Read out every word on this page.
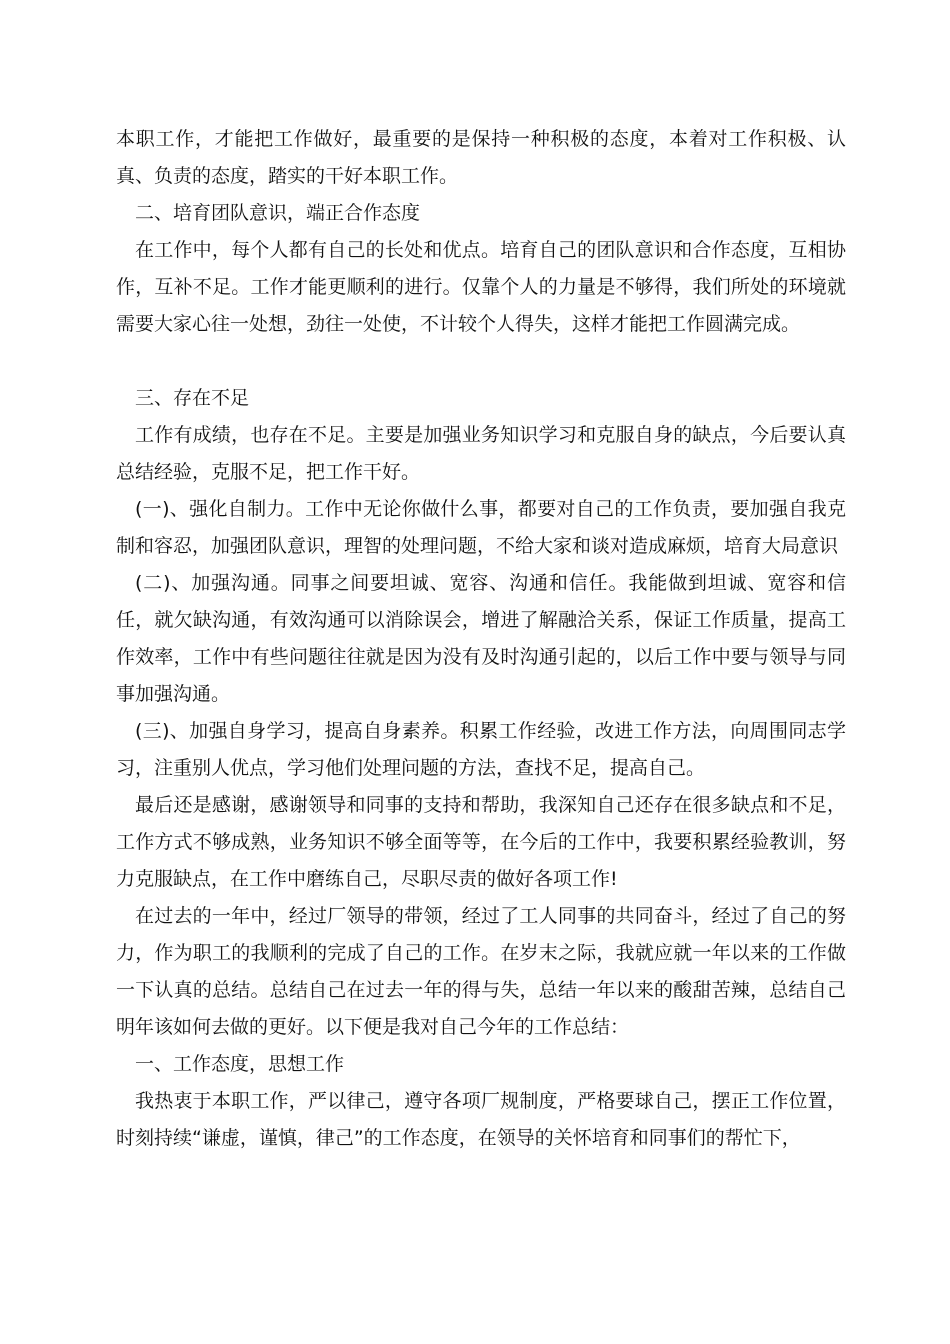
本职工作，才能把工作做好，最重要的是保持一种积极的态度，本着对工作积极、认真、负责的态度，踏实的干好本职工作。

二、培育团队意识，端正合作态度

在工作中，每个人都有自己的长处和优点。培育自己的团队意识和合作态度，互相协作，互补不足。工作才能更顺利的进行。仅靠个人的力量是不够得，我们所处的环境就需要大家心往一处想，劲往一处使，不计较个人得失，这样才能把工作圆满完成。

三、存在不足

工作有成绩，也存在不足。主要是加强业务知识学习和克服自身的缺点，今后要认真总结经验，克服不足，把工作干好。

(一)、强化自制力。工作中无论你做什么事，都要对自己的工作负责，要加强自我克制和容忍，加强团队意识，理智的处理问题，不给大家和谈对造成麻烦，培育大局意识

(二)、加强沟通。同事之间要坦诚、宽容、沟通和信任。我能做到坦诚、宽容和信任，就欠缺沟通，有效沟通可以消除误会，增进了解融洽关系，保证工作质量，提高工作效率，工作中有些问题往往就是因为没有及时沟通引起的，以后工作中要与领导与同事加强沟通。

(三)、加强自身学习，提高自身素养。积累工作经验，改进工作方法，向周围同志学习，注重别人优点，学习他们处理问题的方法，查找不足，提高自己。

最后还是感谢，感谢领导和同事的支持和帮助，我深知自己还存在很多缺点和不足，工作方式不够成熟，业务知识不够全面等等，在今后的工作中，我要积累经验教训，努力克服缺点，在工作中磨练自己，尽职尽责的做好各项工作!

在过去的一年中，经过厂领导的带领，经过了工人同事的共同奋斗，经过了自己的努力，作为职工的我顺利的完成了自己的工作。在岁末之际，我就应就一年以来的工作做一下认真的总结。总结自己在过去一年的得与失，总结一年以来的酸甜苦辣，总结自己明年该如何去做的更好。以下便是我对自己今年的工作总结：

一、工作态度，思想工作

我热衷于本职工作，严以律己，遵守各项厂规制度，严格要球自己，摆正工作位置，时刻持续“谦虚，谨慎，律己”的工作态度，在领导的关怀培育和同事们的帮忙下，
